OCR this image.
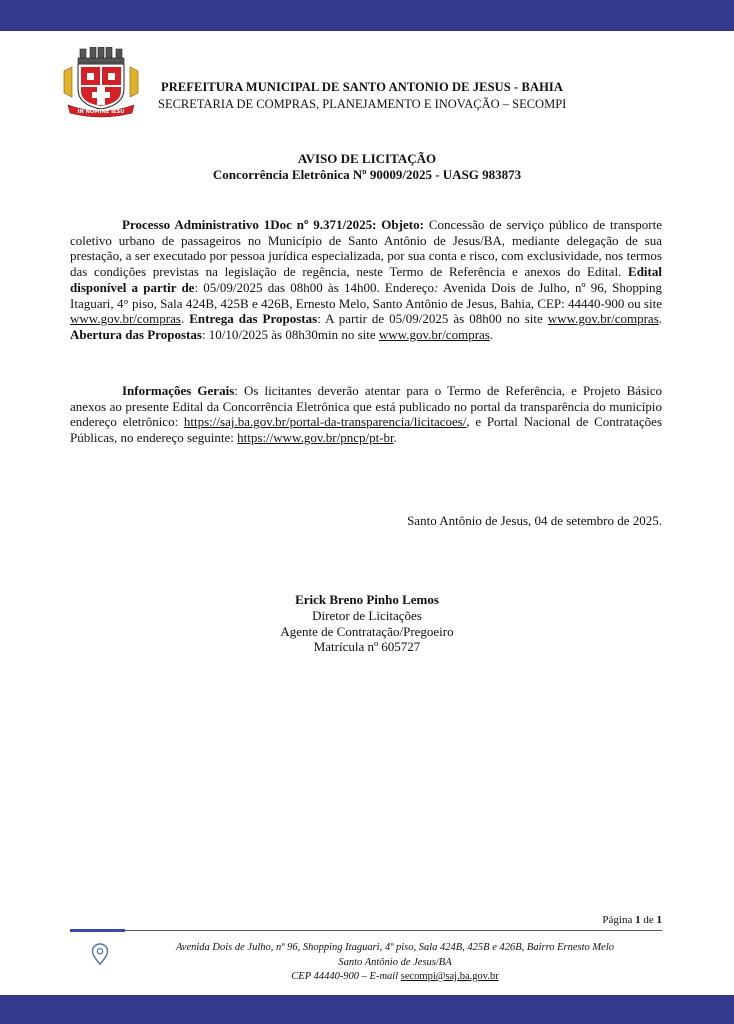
IN NOMINE IESU
PREFEITURA MUNICIPAL DE SANTO ANTONIO DE JESUS - BAHIA
SECRETARIA DE COMPRAS, PLANEJAMENTO E INOVAÇÃO – SECOMPI
AVISO DE LICITAÇÃO
Concorrência Eletrônica Nº 90009/2025 - UASG 983873
Processo Administrativo 1Doc nº 9.371/2025: Objeto: Concessão de serviço público de transporte coletivo urbano de passageiros no Município de Santo Antônio de Jesus/BA, mediante delegação de sua prestação, a ser executado por pessoa jurídica especializada, por sua conta e risco, com exclusividade, nos termos das condições previstas na legislação de regência, neste Termo de Referência e anexos do Edital. Edital disponível a partir de: 05/09/2025 das 08h00 às 14h00. Endereço: Avenida Dois de Julho, nº 96, Shopping Itaguari, 4° piso, Sala 424B, 425B e 426B, Ernesto Melo, Santo Antônio de Jesus, Bahia, CEP: 44440-900 ou site www.gov.br/compras. Entrega das Propostas: A partir de 05/09/2025 às 08h00 no site www.gov.br/compras. Abertura das Propostas: 10/10/2025 às 08h30min no site www.gov.br/compras.
Informações Gerais: Os licitantes deverão atentar para o Termo de Referência, e Projeto Básico anexos ao presente Edital da Concorrência Eletrônica que está publicado no portal da transparência do município endereço eletrônico: https://saj.ba.gov.br/portal-da-transparencia/licitacoes/, e Portal Nacional de Contratações Públicas, no endereço seguinte: https://www.gov.br/pncp/pt-br.
Santo Antônio de Jesus, 04 de setembro de 2025.
Erick Breno Pinho Lemos
Diretor de Licitações
Agente de Contratação/Pregoeiro
Matrícula nº 605727
Página 1 de 1
Avenida Dois de Julho, nº 96, Shopping Itaguari, 4º piso, Sala 424B, 425B e 426B, Bairro Ernesto Melo
Santo Antônio de Jesus/BA
CEP 44440-900 – E-mail secompi@saj.ba.gov.br
